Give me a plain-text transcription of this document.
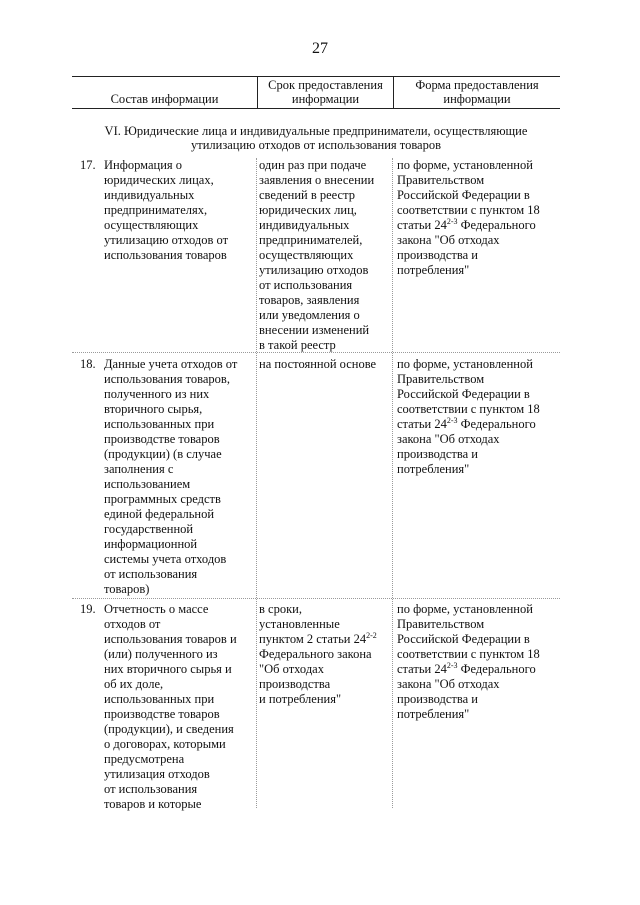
27
Состав информации
Срок предоставления информации
Форма предоставления информации
VI. Юридические лица и индивидуальные предприниматели, осуществляющие утилизацию отходов от использования товаров
17. Информация о
юридических лицах,
индивидуальных
предпринимателях,
осуществляющих
утилизацию отходов от
использования товаров
один раз при подаче
заявления о внесении
сведений в реестр
юридических лиц,
индивидуальных
предпринимателей,
осуществляющих
утилизацию отходов
от использования
товаров, заявления
или уведомления о
внесении изменений
в такой реестр
по форме, установленной
Правительством
Российской Федерации в
соответствии с пунктом 18
статьи 24$^{2-3}$ Федерального
закона "Об отходах
производства и
потребления"
18. Данные учета отходов от
использования товаров,
полученного из них
вторичного сырья,
использованных при
производстве товаров
(продукции) (в случае
заполнения с
использованием
программных средств
единой федеральной
государственной
информационной
системы учета отходов
от использования
товаров)
на постоянной основе	по форме, установленной
Правительством
Российской Федерации в
соответствии с пунктом 18
статьи 24$^{2-3}$ Федерального
закона "Об отходах
производства и
потребления"
19. Отчетность о массе
отходов от
использования товаров и
(или) полученного из
них вторичного сырья и
об их доле,
использованных при
производстве товаров
(продукции), и сведения
о договорах, которыми
предусмотрена
утилизация отходов
от использования
товаров и которые
в сроки,
установленные
пунктом 2 статьи 24$^{2-2}$
Федерального закона
"Об отходах
производства
и потребления"
по форме, установленной
Правительством
Российской Федерации в
соответствии с пунктом 18
статьи 24$^{2-3}$ Федерального
закона "Об отходах
производства и
потребления"
